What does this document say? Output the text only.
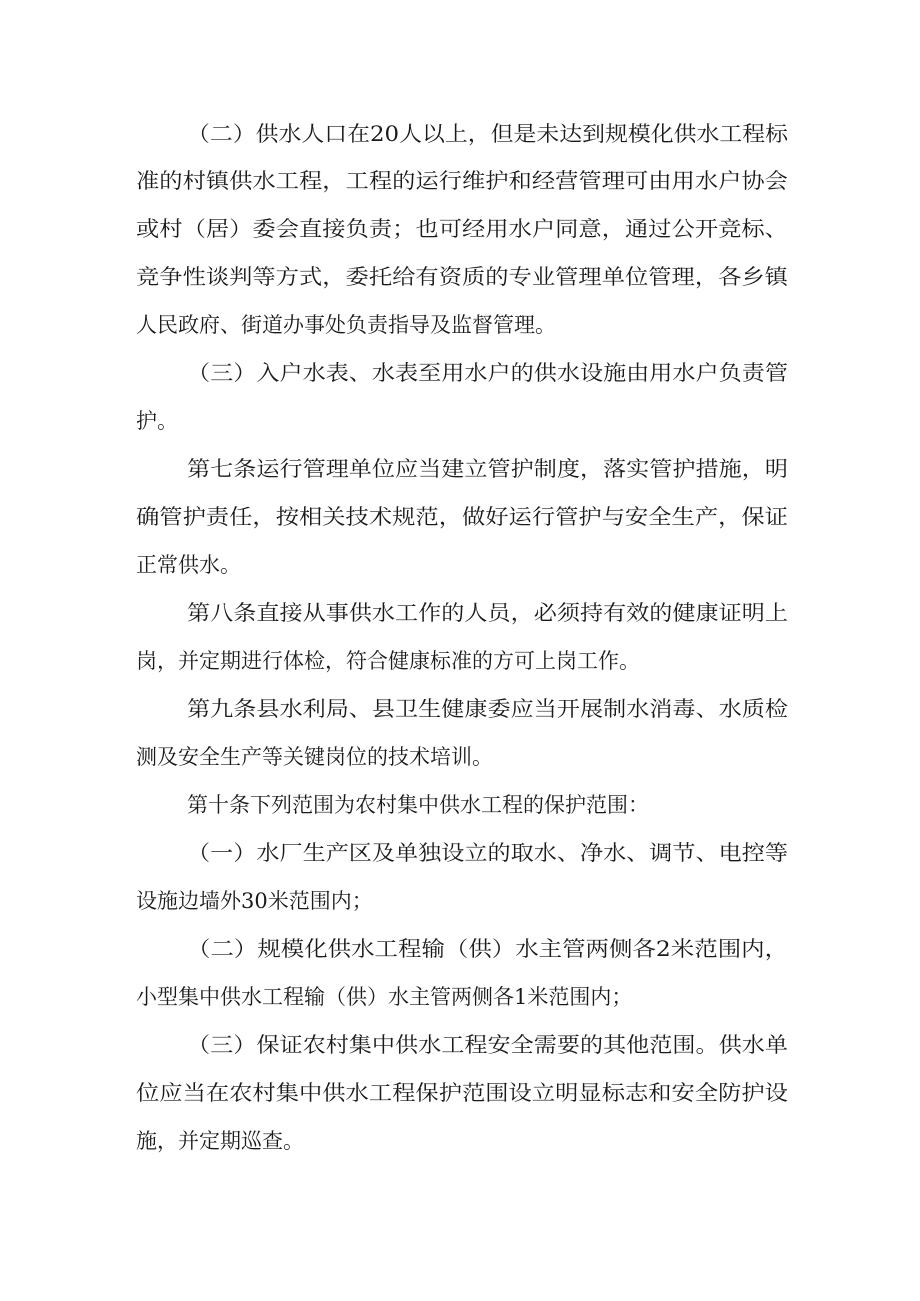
（二）供水人口在20人以上，但是未达到规模化供水工程标
准的村镇供水工程，工程的运行维护和经营管理可由用水户协会
或村（居）委会直接负责；也可经用水户同意，通过公开竞标、
竞争性谈判等方式，委托给有资质的专业管理单位管理，各乡镇
人民政府、街道办事处负责指导及监督管理。
（三）入户水表、水表至用水户的供水设施由用水户负责管
护。
第七条运行管理单位应当建立管护制度，落实管护措施，明
确管护责任，按相关技术规范，做好运行管护与安全生产，保证
正常供水。
第八条直接从事供水工作的人员，必须持有效的健康证明上
岗，并定期进行体检，符合健康标准的方可上岗工作。
第九条县水利局、县卫生健康委应当开展制水消毒、水质检
测及安全生产等关键岗位的技术培训。
第十条下列范围为农村集中供水工程的保护范围：
（一）水厂生产区及单独设立的取水、净水、调节、电控等
设施边墙外30米范围内；
（二）规模化供水工程输（供）水主管两侧各2米范围内，
小型集中供水工程输（供）水主管两侧各1米范围内；
（三）保证农村集中供水工程安全需要的其他范围。供水单
位应当在农村集中供水工程保护范围设立明显标志和安全防护设
施，并定期巡查。
